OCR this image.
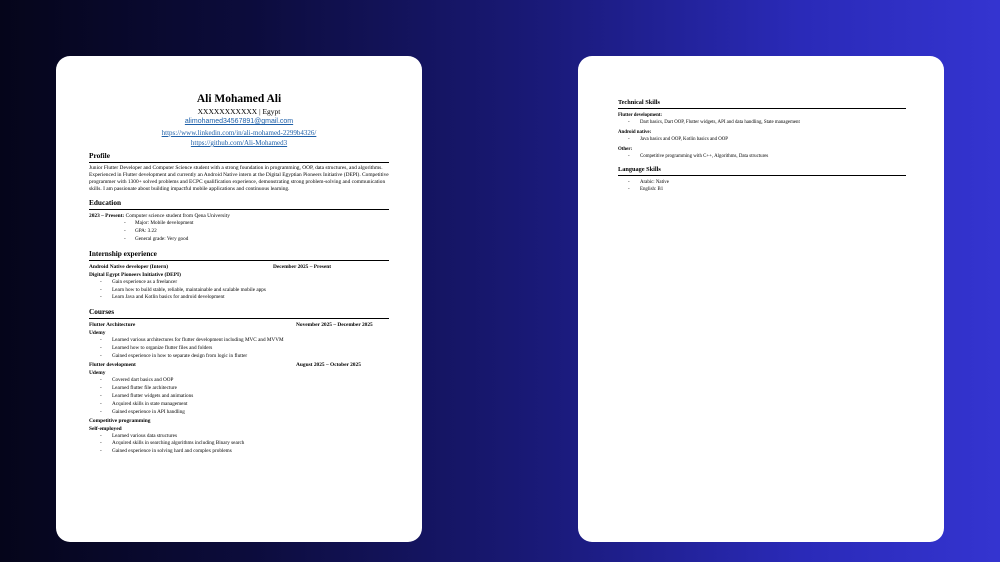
Ali Mohamed Ali
XXXXXXXXXXX | Egypt
alimohamed34567891@gmail.com
https://www.linkedin.com/in/ali-mohamed-2299b4326/
https://github.com/Ali-Mohamed3
Profile
Junior Flutter Developer and Computer Science student with a strong foundation in programming, OOP, data structures, and algorithms. Experienced in Flutter development and currently an Android Native intern at the Digital Egyptian Pioneers Initiative (DEPI). Competitive programmer with 1300+ solved problems and ECPC qualification experience, demonstrating strong problem-solving and communication skills. I am passionate about building impactful mobile applications and continuous learning.
Education
2023 – Present: Computer science student from Qena University
- Major: Mobile development
- GPA: 3.22
- General grade: Very good
Internship experience
Android Native developer (Intern)	December 2025 – Present
Digital Egypt Pioneers Initiative (DEPI)
- Gain experience as a freelancer
- Learn how to build stable, reliable, maintainable and scalable mobile apps
- Learn Java and Kotlin basics for android development
Courses
Flutter Architecture	November 2025 – December 2025
Udemy
- Learned various architectures for flutter development including MVC and MVVM
- Learned how to organize flutter files and folders
- Gained experience in how to separate design from logic in flutter
Flutter development	August 2025 – October 2025
Udemy
- Covered dart basics and OOP
- Learned flutter file architecture
- Learned flutter widgets and animations
- Acquired skills in state management
- Gained experience in API handling
Competitive programming
Self-employed
- Learned various data structures
- Acquired skills in searching algorithms including Binary search
- Gained experience in solving hard and complex problems
Technical Skills
Flutter development:
- Dart basics, Dart OOP, Flutter widgets, API and data handling, State management
Android native:
- Java basics and OOP, Kotlin basics and OOP
Other:
- Competitive programming with C++, Algorithms, Data structures
Language Skills
- Arabic: Native
- English: B1
